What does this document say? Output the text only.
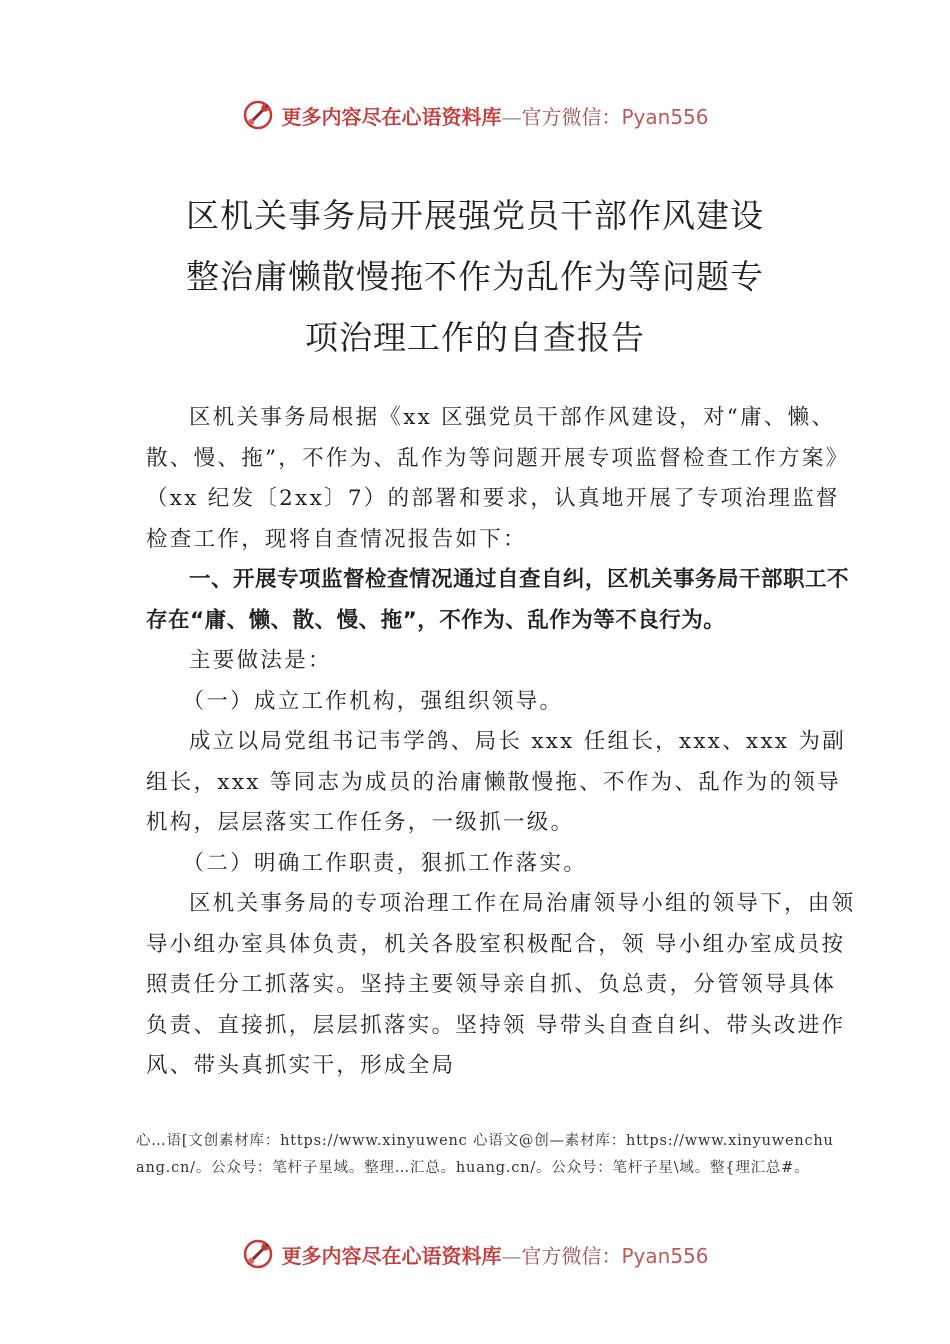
更多内容尽在心语资料库—官方微信：Pyan556
区机关事务局开展强党员干部作风建设
整治庸懒散慢拖不作为乱作为等问题专
项治理工作的自查报告

区机关事务局根据《xx 区强党员干部作风建设，对“庸、懒、散、慢、拖”，不作为、乱作为等问题开展专项监督检查工作方案》（xx 纪发〔2xx〕7）的部署和要求，认真地开展了专项治理监督检查工作，现将自查情况报告如下：

一、开展专项监督检查情况通过自查自纠，区机关事务局干部职工不存在“庸、懒、散、慢、拖”，不作为、乱作为等不良行为。

主要做法是：

（一）成立工作机构，强组织领导。

成立以局党组书记韦学鸽、局长 xxx 任组长，xxx、xxx 为副组长，xxx 等同志为成员的治庸懒散慢拖、不作为、乱作为的领导机构，层层落实工作任务，一级抓一级。

（二）明确工作职责，狠抓工作落实。

区机关事务局的专项治理工作在局治庸领导小组的领导下，由领导小组办室具体负责，机关各股室积极配合，领 导小组办室成员按照责任分工抓落实。坚持主要领导亲自抓、负总责，分管领导具体负责、直接抓，层层抓落实。坚持领 导带头自查自纠、带头改进作风、带头真抓实干，形成全局

心…语[文创素材库：https://www.xinyuwenc 心语文@创—素材库：https://www.xinyuwenchuang.cn/。公众号：笔杆子星域。整理…汇总。huang.cn/。公众号：笔杆子星\域。整{理汇总#。
更多内容尽在心语资料库—官方微信：Pyan556
